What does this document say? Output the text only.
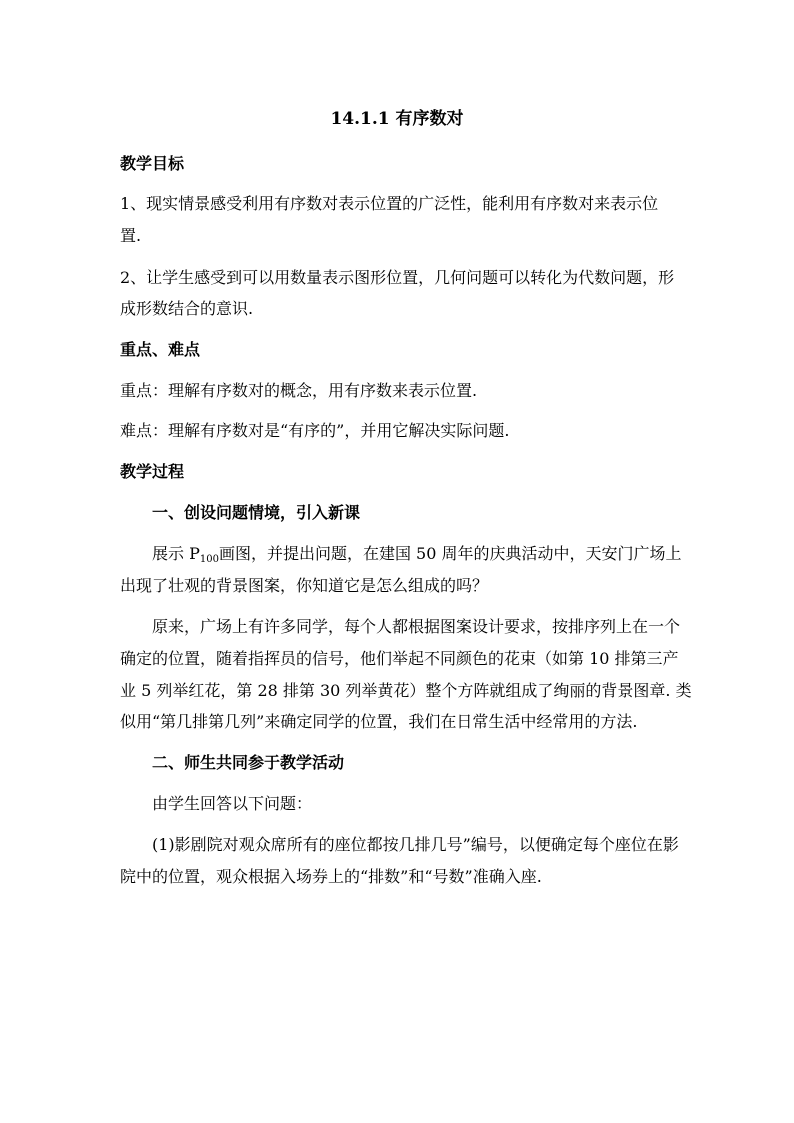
14.1.1 有序数对
教学目标
1、现实情景感受利用有序数对表示位置的广泛性，能利用有序数对来表示位
置.
2、让学生感受到可以用数量表示图形位置，几何问题可以转化为代数问题，形
成形数结合的意识.
重点、难点
重点：理解有序数对的概念，用有序数来表示位置.
难点：理解有序数对是“有序的”，并用它解决实际问题.
教学过程
一、创设问题情境，引入新课
展示 $P_{100}$画图，并提出问题，在建国 50 周年的庆典活动中，天安门广场上
出现了壮观的背景图案，你知道它是怎么组成的吗？
原来，广场上有许多同学，每个人都根据图案设计要求，按排序列上在一个
确定的位置，随着指挥员的信号，他们举起不同颜色的花束（如第 10 排第三产
业 5 列举红花，第 28 排第 30 列举黄花）整个方阵就组成了绚丽的背景图章. 类
似用“第几排第几列”来确定同学的位置，我们在日常生活中经常用的方法.
二、师生共同参于教学活动
由学生回答以下问题：
(1)影剧院对观众席所有的座位都按几排几号”编号，以便确定每个座位在影
院中的位置，观众根据入场券上的“排数”和“号数”准确入座.
